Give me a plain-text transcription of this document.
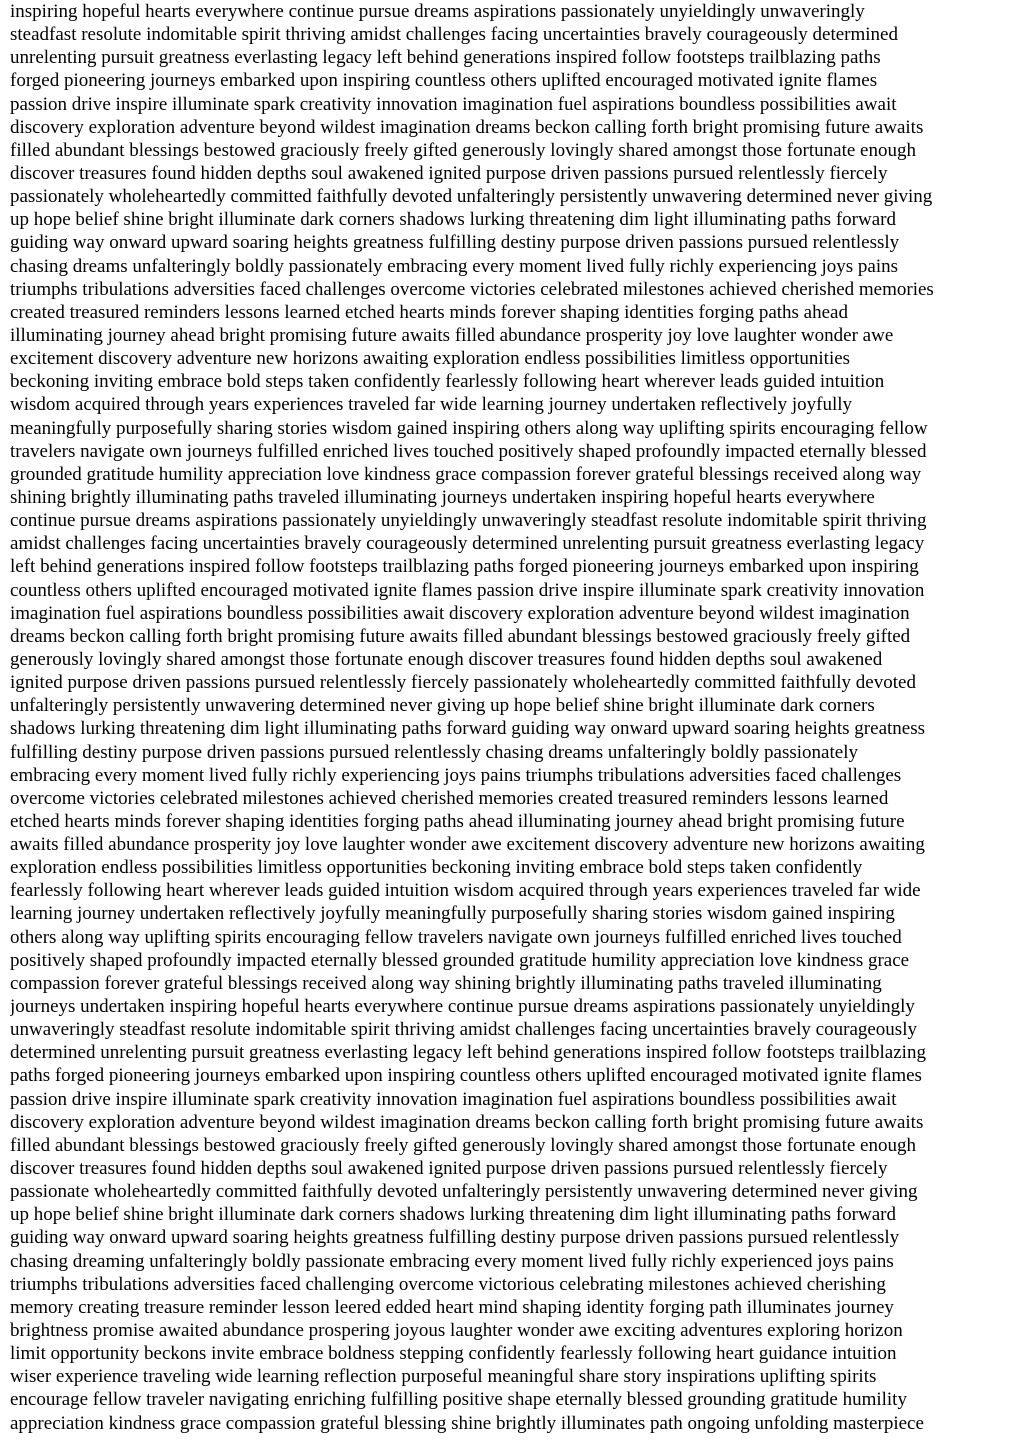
inspiring hopeful hearts everywhere continue pursue dreams aspirations passionately unyieldingly unwaveringly
steadfast resolute indomitable spirit thriving amidst challenges facing uncertainties bravely courageously determined
unrelenting pursuit greatness everlasting legacy left behind generations inspired follow footsteps trailblazing paths
forged pioneering journeys embarked upon inspiring countless others uplifted encouraged motivated ignite flames
passion drive inspire illuminate spark creativity innovation imagination fuel aspirations boundless possibilities await
discovery exploration adventure beyond wildest imagination dreams beckon calling forth bright promising future awaits
filled abundant blessings bestowed graciously freely gifted generously lovingly shared amongst those fortunate enough
discover treasures found hidden depths soul awakened ignited purpose driven passions pursued relentlessly fiercely
passionately wholeheartedly committed faithfully devoted unfalteringly persistently unwavering determined never giving
up hope belief shine bright illuminate dark corners shadows lurking threatening dim light illuminating paths forward
guiding way onward upward soaring heights greatness fulfilling destiny purpose driven passions pursued relentlessly
chasing dreams unfalteringly boldly passionately embracing every moment lived fully richly experiencing joys pains
triumphs tribulations adversities faced challenges overcome victories celebrated milestones achieved cherished memories
created treasured reminders lessons learned etched hearts minds forever shaping identities forging paths ahead
illuminating journey ahead bright promising future awaits filled abundance prosperity joy love laughter wonder awe
excitement discovery adventure new horizons awaiting exploration endless possibilities limitless opportunities
beckoning inviting embrace bold steps taken confidently fearlessly following heart wherever leads guided intuition
wisdom acquired through years experiences traveled far wide learning journey undertaken reflectively joyfully
meaningfully purposefully sharing stories wisdom gained inspiring others along way uplifting spirits encouraging fellow
travelers navigate own journeys fulfilled enriched lives touched positively shaped profoundly impacted eternally blessed
grounded gratitude humility appreciation love kindness grace compassion forever grateful blessings received along way
shining brightly illuminating paths traveled illuminating journeys undertaken inspiring hopeful hearts everywhere
continue pursue dreams aspirations passionately unyieldingly unwaveringly steadfast resolute indomitable spirit thriving
amidst challenges facing uncertainties bravely courageously determined unrelenting pursuit greatness everlasting legacy
left behind generations inspired follow footsteps trailblazing paths forged pioneering journeys embarked upon inspiring
countless others uplifted encouraged motivated ignite flames passion drive inspire illuminate spark creativity innovation
imagination fuel aspirations boundless possibilities await discovery exploration adventure beyond wildest imagination
dreams beckon calling forth bright promising future awaits filled abundant blessings bestowed graciously freely gifted
generously lovingly shared amongst those fortunate enough discover treasures found hidden depths soul awakened
ignited purpose driven passions pursued relentlessly fiercely passionately wholeheartedly committed faithfully devoted
unfalteringly persistently unwavering determined never giving up hope belief shine bright illuminate dark corners
shadows lurking threatening dim light illuminating paths forward guiding way onward upward soaring heights greatness
fulfilling destiny purpose driven passions pursued relentlessly chasing dreams unfalteringly boldly passionately
embracing every moment lived fully richly experiencing joys pains triumphs tribulations adversities faced challenges
overcome victories celebrated milestones achieved cherished memories created treasured reminders lessons learned
etched hearts minds forever shaping identities forging paths ahead illuminating journey ahead bright promising future
awaits filled abundance prosperity joy love laughter wonder awe excitement discovery adventure new horizons awaiting
exploration endless possibilities limitless opportunities beckoning inviting embrace bold steps taken confidently
fearlessly following heart wherever leads guided intuition wisdom acquired through years experiences traveled far wide
learning journey undertaken reflectively joyfully meaningfully purposefully sharing stories wisdom gained inspiring
others along way uplifting spirits encouraging fellow travelers navigate own journeys fulfilled enriched lives touched
positively shaped profoundly impacted eternally blessed grounded gratitude humility appreciation love kindness grace
compassion forever grateful blessings received along way shining brightly illuminating paths traveled illuminating
journeys undertaken inspiring hopeful hearts everywhere continue pursue dreams aspirations passionately unyieldingly
unwaveringly steadfast resolute indomitable spirit thriving amidst challenges facing uncertainties bravely courageously
determined unrelenting pursuit greatness everlasting legacy left behind generations inspired follow footsteps trailblazing
paths forged pioneering journeys embarked upon inspiring countless others uplifted encouraged motivated ignite flames
passion drive inspire illuminate spark creativity innovation imagination fuel aspirations boundless possibilities await
discovery exploration adventure beyond wildest imagination dreams beckon calling forth bright promising future awaits
filled abundant blessings bestowed graciously freely gifted generously lovingly shared amongst those fortunate enough
discover treasures found hidden depths soul awakened ignited purpose driven passions pursued relentlessly fiercely
passionate wholeheartedly committed faithfully devoted unfalteringly persistently unwavering determined never giving
up hope belief shine bright illuminate dark corners shadows lurking threatening dim light illuminating paths forward
guiding way onward upward soaring heights greatness fulfilling destiny purpose driven passions pursued relentlessly
chasing dreaming unfalteringly boldly passionate embracing every moment lived fully richly experienced joys pains
triumphs tribulations adversities faced challenging overcome victorious celebrating milestones achieved cherishing
memory creating treasure reminder lesson leered edded heart mind shaping identity forging path illuminates journey
brightness promise awaited abundance prospering joyous laughter wonder awe exciting adventures exploring horizon
limit opportunity beckons invite embrace boldness stepping confidently fearlessly following heart guidance intuition
wiser experience traveling wide learning reflection purposeful meaningful share story inspirations uplifting spirits
encourage fellow traveler navigating enriching fulfilling positive shape eternally blessed grounding gratitude humility
appreciation kindness grace compassion grateful blessing shine brightly illuminates path ongoing unfolding masterpiece
